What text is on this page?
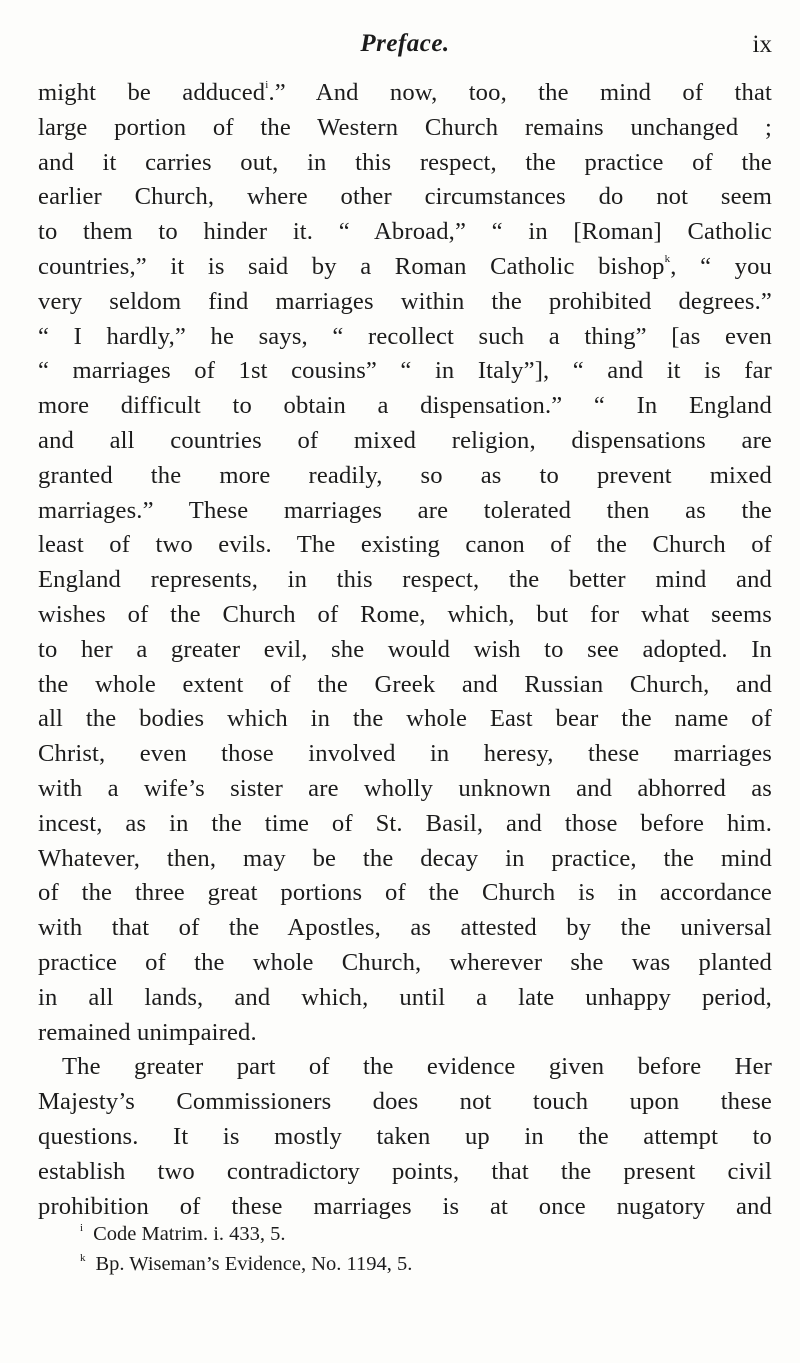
Preface.	ix
might be adduced$^i$.” And now, too, the mind of that
large portion of the Western Church remains unchanged ;
and it carries out, in this respect, the practice of the
earlier Church, where other circumstances do not seem
to them to hinder it. “ Abroad,” “ in [Roman] Catholic
countries,” it is said by a Roman Catholic bishop$^k$, “ you
very seldom find marriages within the prohibited degrees.”
“ I hardly,” he says, “ recollect such a thing” [as even
“ marriages of 1st cousins” “ in Italy”], “ and it is far
more difficult to obtain a dispensation.” “ In England
and all countries of mixed religion, dispensations are
granted the more readily, so as to prevent mixed
marriages.” These marriages are tolerated then as the
least of two evils. The existing canon of the Church of
England represents, in this respect, the better mind and
wishes of the Church of Rome, which, but for what seems
to her a greater evil, she would wish to see adopted. In
the whole extent of the Greek and Russian Church, and
all the bodies which in the whole East bear the name of
Christ, even those involved in heresy, these marriages
with a wife’s sister are wholly unknown and abhorred as
incest, as in the time of St. Basil, and those before him.
Whatever, then, may be the decay in practice, the mind
of the three great portions of the Church is in accordance
with that of the Apostles, as attested by the universal
practice of the whole Church, wherever she was planted
in all lands, and which, until a late unhappy period,
remained unimpaired.
The greater part of the evidence given before Her
Majesty’s Commissioners does not touch upon these
questions. It is mostly taken up in the attempt to
establish two contradictory points, that the present civil
prohibition of these marriages is at once nugatory and
$^i$ Code Matrim. i. 433, 5.
$^k$ Bp. Wiseman’s Evidence, No. 1194, 5.
